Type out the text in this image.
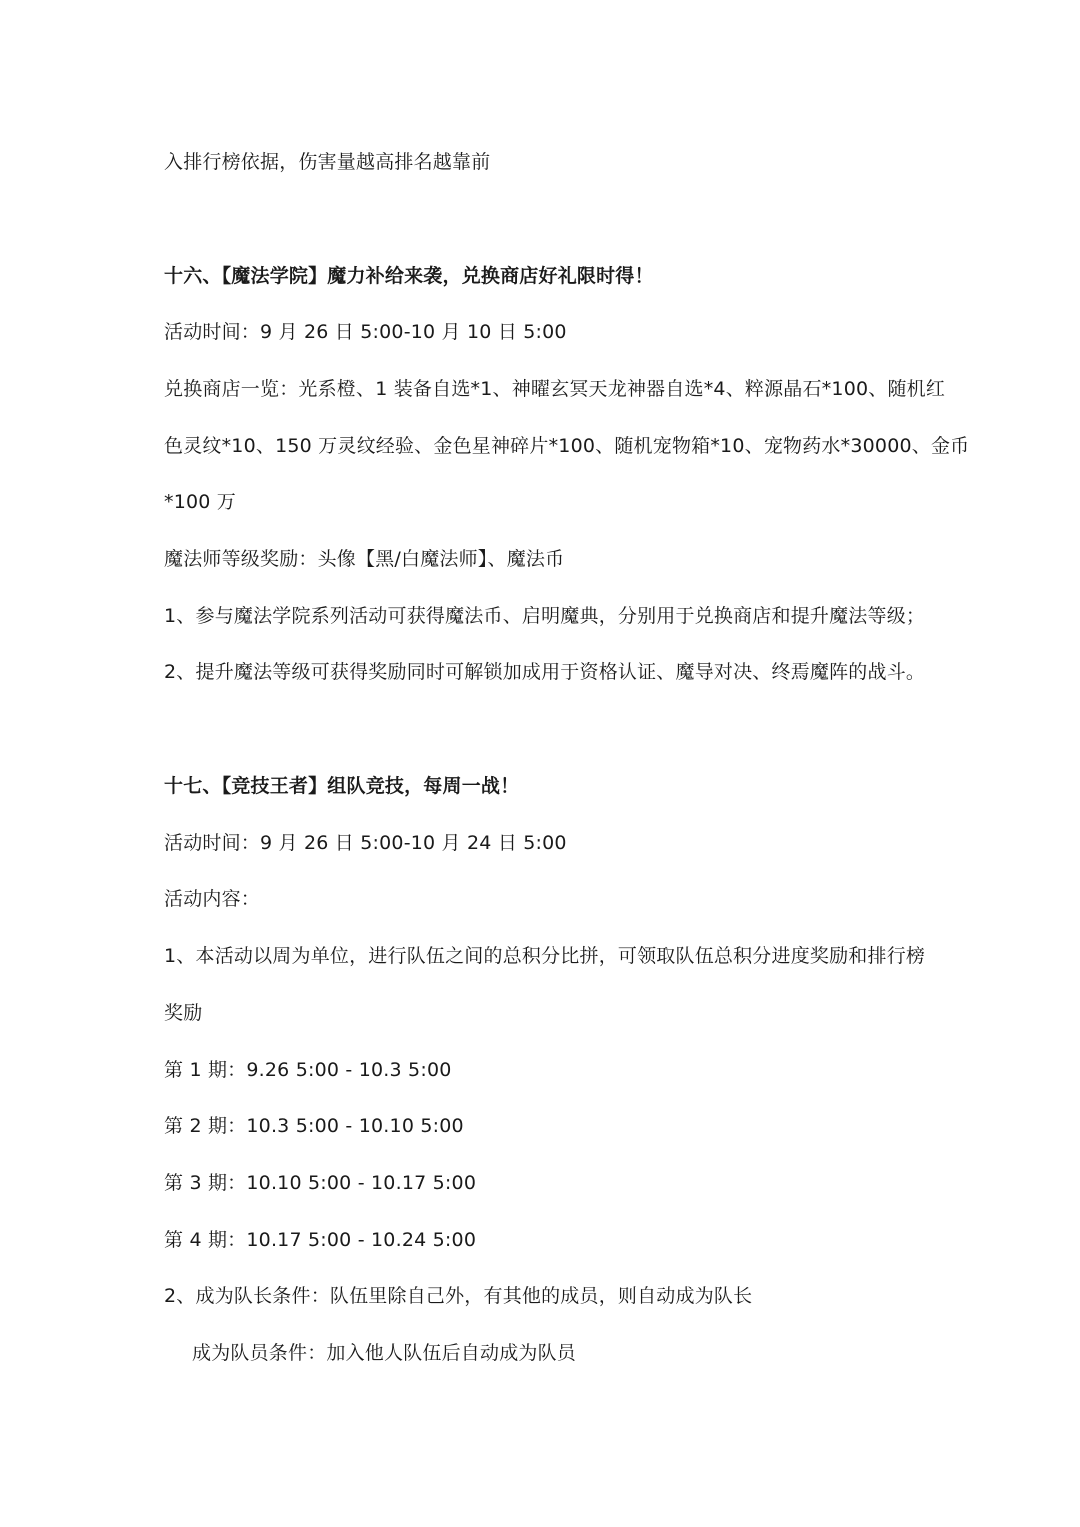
入排行榜依据，伤害量越高排名越靠前
十六、【魔法学院】魔力补给来袭，兑换商店好礼限时得！
活动时间：9 月 26 日 5:00-10 月 10 日 5:00
兑换商店一览：光系橙、1 装备自选*1、神曜玄冥天龙神器自选*4、粹源晶石*100、随机红
色灵纹*10、150 万灵纹经验、金色星神碎片*100、随机宠物箱*10、宠物药水*30000、金币
*100 万
魔法师等级奖励：头像【黑/白魔法师】、魔法币
1、参与魔法学院系列活动可获得魔法币、启明魔典，分别用于兑换商店和提升魔法等级；
2、提升魔法等级可获得奖励同时可解锁加成用于资格认证、魔导对决、终焉魔阵的战斗。
十七、【竞技王者】组队竞技，每周一战！
活动时间：9 月 26 日 5:00-10 月 24 日 5:00
活动内容：
1、本活动以周为单位，进行队伍之间的总积分比拼，可领取队伍总积分进度奖励和排行榜
奖励
第 1 期：9.26 5:00 - 10.3 5:00
第 2 期：10.3 5:00 - 10.10 5:00
第 3 期：10.10 5:00 - 10.17 5:00
第 4 期：10.17 5:00 - 10.24 5:00
2、成为队长条件：队伍里除自己外，有其他的成员，则自动成为队长
成为队员条件：加入他人队伍后自动成为队员
